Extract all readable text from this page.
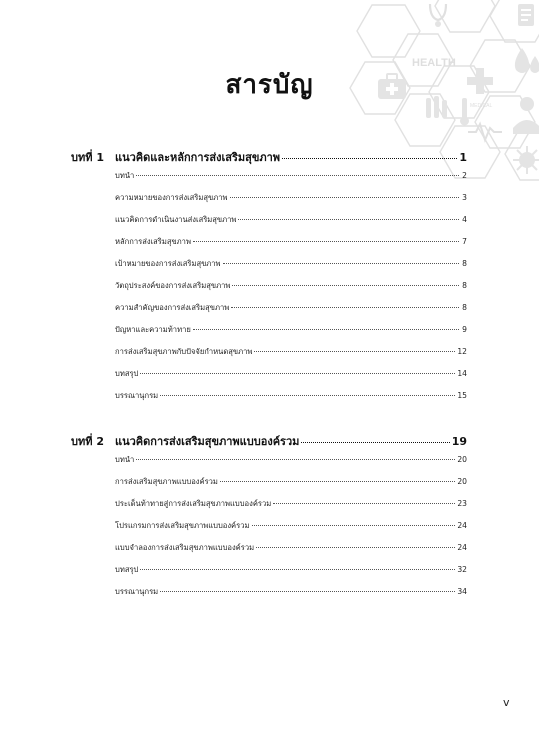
HEALTH
MEDICAL
สารบัญ
บทที่ 1	แนวคิดและหลักการส่งเสริมสุขภาพ	1
บทนำ	2
ความหมายของการส่งเสริมสุขภาพ	3
แนวคิดการดำเนินงานส่งเสริมสุขภาพ	4
หลักการส่งเสริมสุขภาพ	7
เป้าหมายของการส่งเสริมสุขภาพ	8
วัตถุประสงค์ของการส่งเสริมสุขภาพ	8
ความสำคัญของการส่งเสริมสุขภาพ	8
ปัญหาและความท้าทาย	9
การส่งเสริมสุขภาพกับปัจจัยกำหนดสุขภาพ	12
บทสรุป	14
บรรณานุกรม	15
บทที่ 2	แนวคิดการส่งเสริมสุขภาพแบบองค์รวม	19
บทนำ	20
การส่งเสริมสุขภาพแบบองค์รวม	20
ประเด็นท้าทายสู่การส่งเสริมสุขภาพแบบองค์รวม	23
โปรแกรมการส่งเสริมสุขภาพแบบองค์รวม	24
แบบจำลองการส่งเสริมสุขภาพแบบองค์รวม	24
บทสรุป	32
บรรณานุกรม	34
v
